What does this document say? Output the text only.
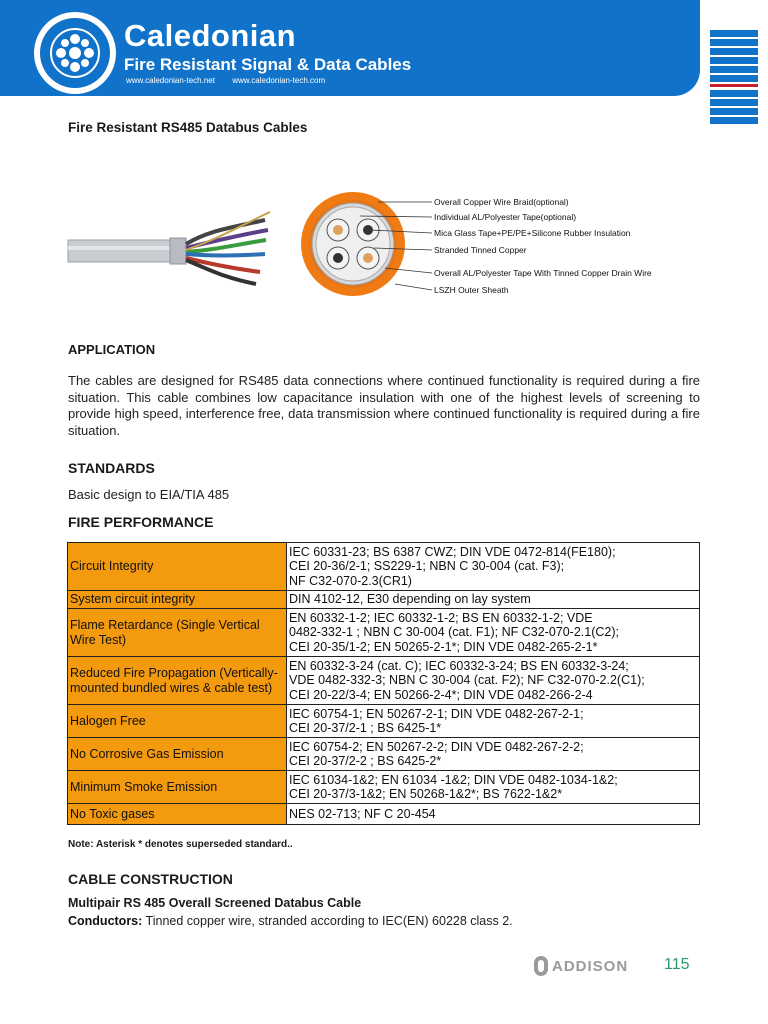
Caledonian
Fire Resistant Signal & Data Cables
www.caledonian-tech.net www.caledonian-tech.com
Fire Resistant RS485 Databus Cables
Overall Copper Wire Braid(optional)
Individual AL/Polyester Tape(optional)
Mica Glass Tape+PE/PE+Silicone Rubber Insulation
Stranded Tinned Copper
Overall AL/Polyester Tape With Tinned Copper Drain Wire
LSZH Outer Sheath
APPLICATION
The cables are designed for RS485 data connections where continued functionality is required during a fire situation. This cable combines low capacitance insulation with one of the highest levels of screening to provide high speed, interference free, data transmission where continued functionality is required during a fire situation.
STANDARDS
Basic design to EIA/TIA 485
FIRE PERFORMANCE
Circuit Integrity	IEC 60331-23; BS 6387 CWZ; DIN VDE 0472-814(FE180);
CEI 20-36/2-1; SS229-1; NBN C 30-004 (cat. F3);
NF C32-070-2.3(CR1)
System circuit integrity	DIN 4102-12, E30 depending on lay system
Flame Retardance (Single Vertical Wire Test)	EN 60332-1-2; IEC 60332-1-2; BS EN 60332-1-2; VDE
0482-332-1 ; NBN C 30-004 (cat. F1); NF C32-070-2.1(C2);
CEI 20-35/1-2; EN 50265-2-1*; DIN VDE 0482-265-2-1*
Reduced Fire Propagation (Vertically-mounted bundled wires & cable test)	EN 60332-3-24 (cat. C); IEC 60332-3-24; BS EN 60332-3-24;
VDE 0482-332-3; NBN C 30-004 (cat. F2); NF C32-070-2.2(C1);
CEI 20-22/3-4; EN 50266-2-4*; DIN VDE 0482-266-2-4
Halogen Free	IEC 60754-1; EN 50267-2-1; DIN VDE 0482-267-2-1;
CEI 20-37/2-1 ; BS 6425-1*
No Corrosive Gas Emission	IEC 60754-2; EN 50267-2-2; DIN VDE 0482-267-2-2;
CEI 20-37/2-2 ; BS 6425-2*
Minimum Smoke Emission	IEC 61034-1&2; EN 61034 -1&2; DIN VDE 0482-1034-1&2;
CEI 20-37/3-1&2; EN 50268-1&2*; BS 7622-1&2*
No Toxic gases	NES 02-713; NF C 20-454
Note: Asterisk * denotes superseded standard..
CABLE CONSTRUCTION
Multipair RS 485 Overall Screened Databus Cable
Conductors: Tinned copper wire, stranded according to IEC(EN) 60228 class 2.
ADDISON 115
